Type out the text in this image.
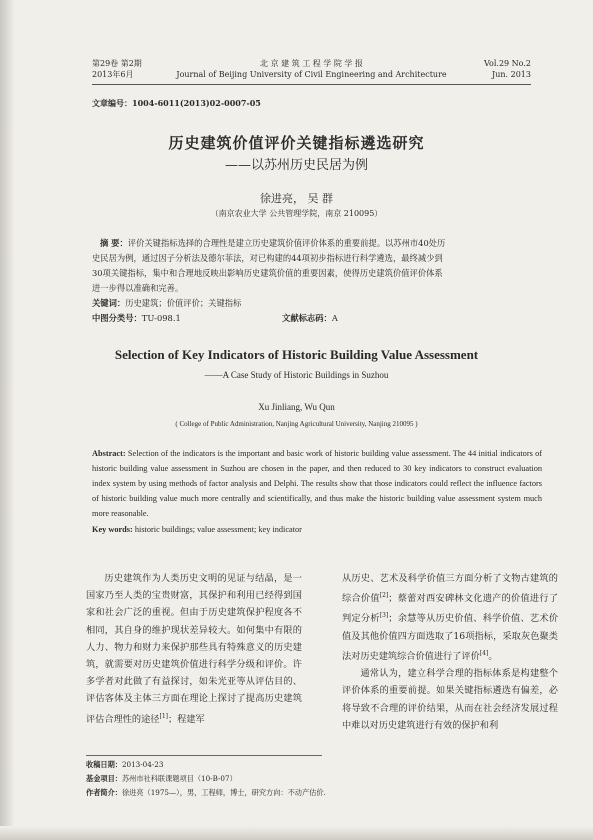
第29卷 第2期
2013年6月
北 京 建 筑 工 程 学 院 学 报
Journal of Beijing University of Civil Engineering and Architecture
Vol.29 No.2
Jun. 2013
文章编号：1004-6011(2013)02-0007-05
历史建筑价值评价关键指标遴选研究
——以苏州历史民居为例
徐进亮， 吴 群
（南京农业大学 公共管理学院，南京 210095）
摘 要：评价关键指标选择的合理性是建立历史建筑价值评价体系的重要前提。以苏州市40处历
史民居为例，通过因子分析法及德尔菲法，对已构建的44项初步指标进行科学遴选，最终减少到
30项关键指标，集中和合理地反映出影响历史建筑价值的重要因素，使得历史建筑价值评价体系
进一步得以准确和完善。
关键词：历史建筑；价值评价；关键指标
中图分类号：TU-098.1	文献标志码：A
Selection of Key Indicators of Historic Building Value Assessment
——A Case Study of Historic Buildings in Suzhou
Xu Jinliang, Wu Qun
( College of Public Administration, Nanjing Agricultural University, Nanjing 210095 )
Abstract: Selection of the indicators is the important and basic work of historic building value assessment. The 44 initial indicators of historic building value assessment in Suzhou are chosen in the paper, and then reduced to 30 key indicators to construct evaluation index system by using methods of factor analysis and Delphi. The results show that those indicators could reflect the influence factors of historic building value much more centrally and scientifically, and thus make the historic building value assessment system much more reasonable.
Key words: historic buildings; value assessment; key indicator

历史建筑作为人类历史文明的见证与结晶，是一国家乃至人类的宝贵财富，其保护和利用已经得到国家和社会广泛的重视。但由于历史建筑保护程度各不相同，其自身的维护现状差异较大。如何集中有限的人力、物力和财力来保护那些具有特殊意义的历史建筑，就需要对历史建筑价值进行科学分级和评价。许多学者对此做了有益探讨，如朱光亚等从评估目的、评估客体及主体三方面在理论上探讨了提高历史建筑评估合理性的途径[1]；程建军

从历史、艺术及科学价值三方面分析了文物古建筑的综合价值[2]；蔡蕾对西安碑林文化遗产的价值进行了判定分析[3]；余慧等从历史价值、科学价值、艺术价值及其他价值四方面选取了16项指标，采取灰色聚类法对历史建筑综合价值进行了评价[4]。

通常认为，建立科学合理的指标体系是构建整个评价体系的重要前提。如果关键指标遴选有偏差，必将导致不合理的评价结果，从而在社会经济发展过程中难以对历史建筑进行有效的保护和利

收稿日期：2013-04-23
基金项目：苏州市社科联课题项目（10-B-07）
作者简介：徐进亮（1975—），男，工程师，博士，研究方向：不动产估价.
